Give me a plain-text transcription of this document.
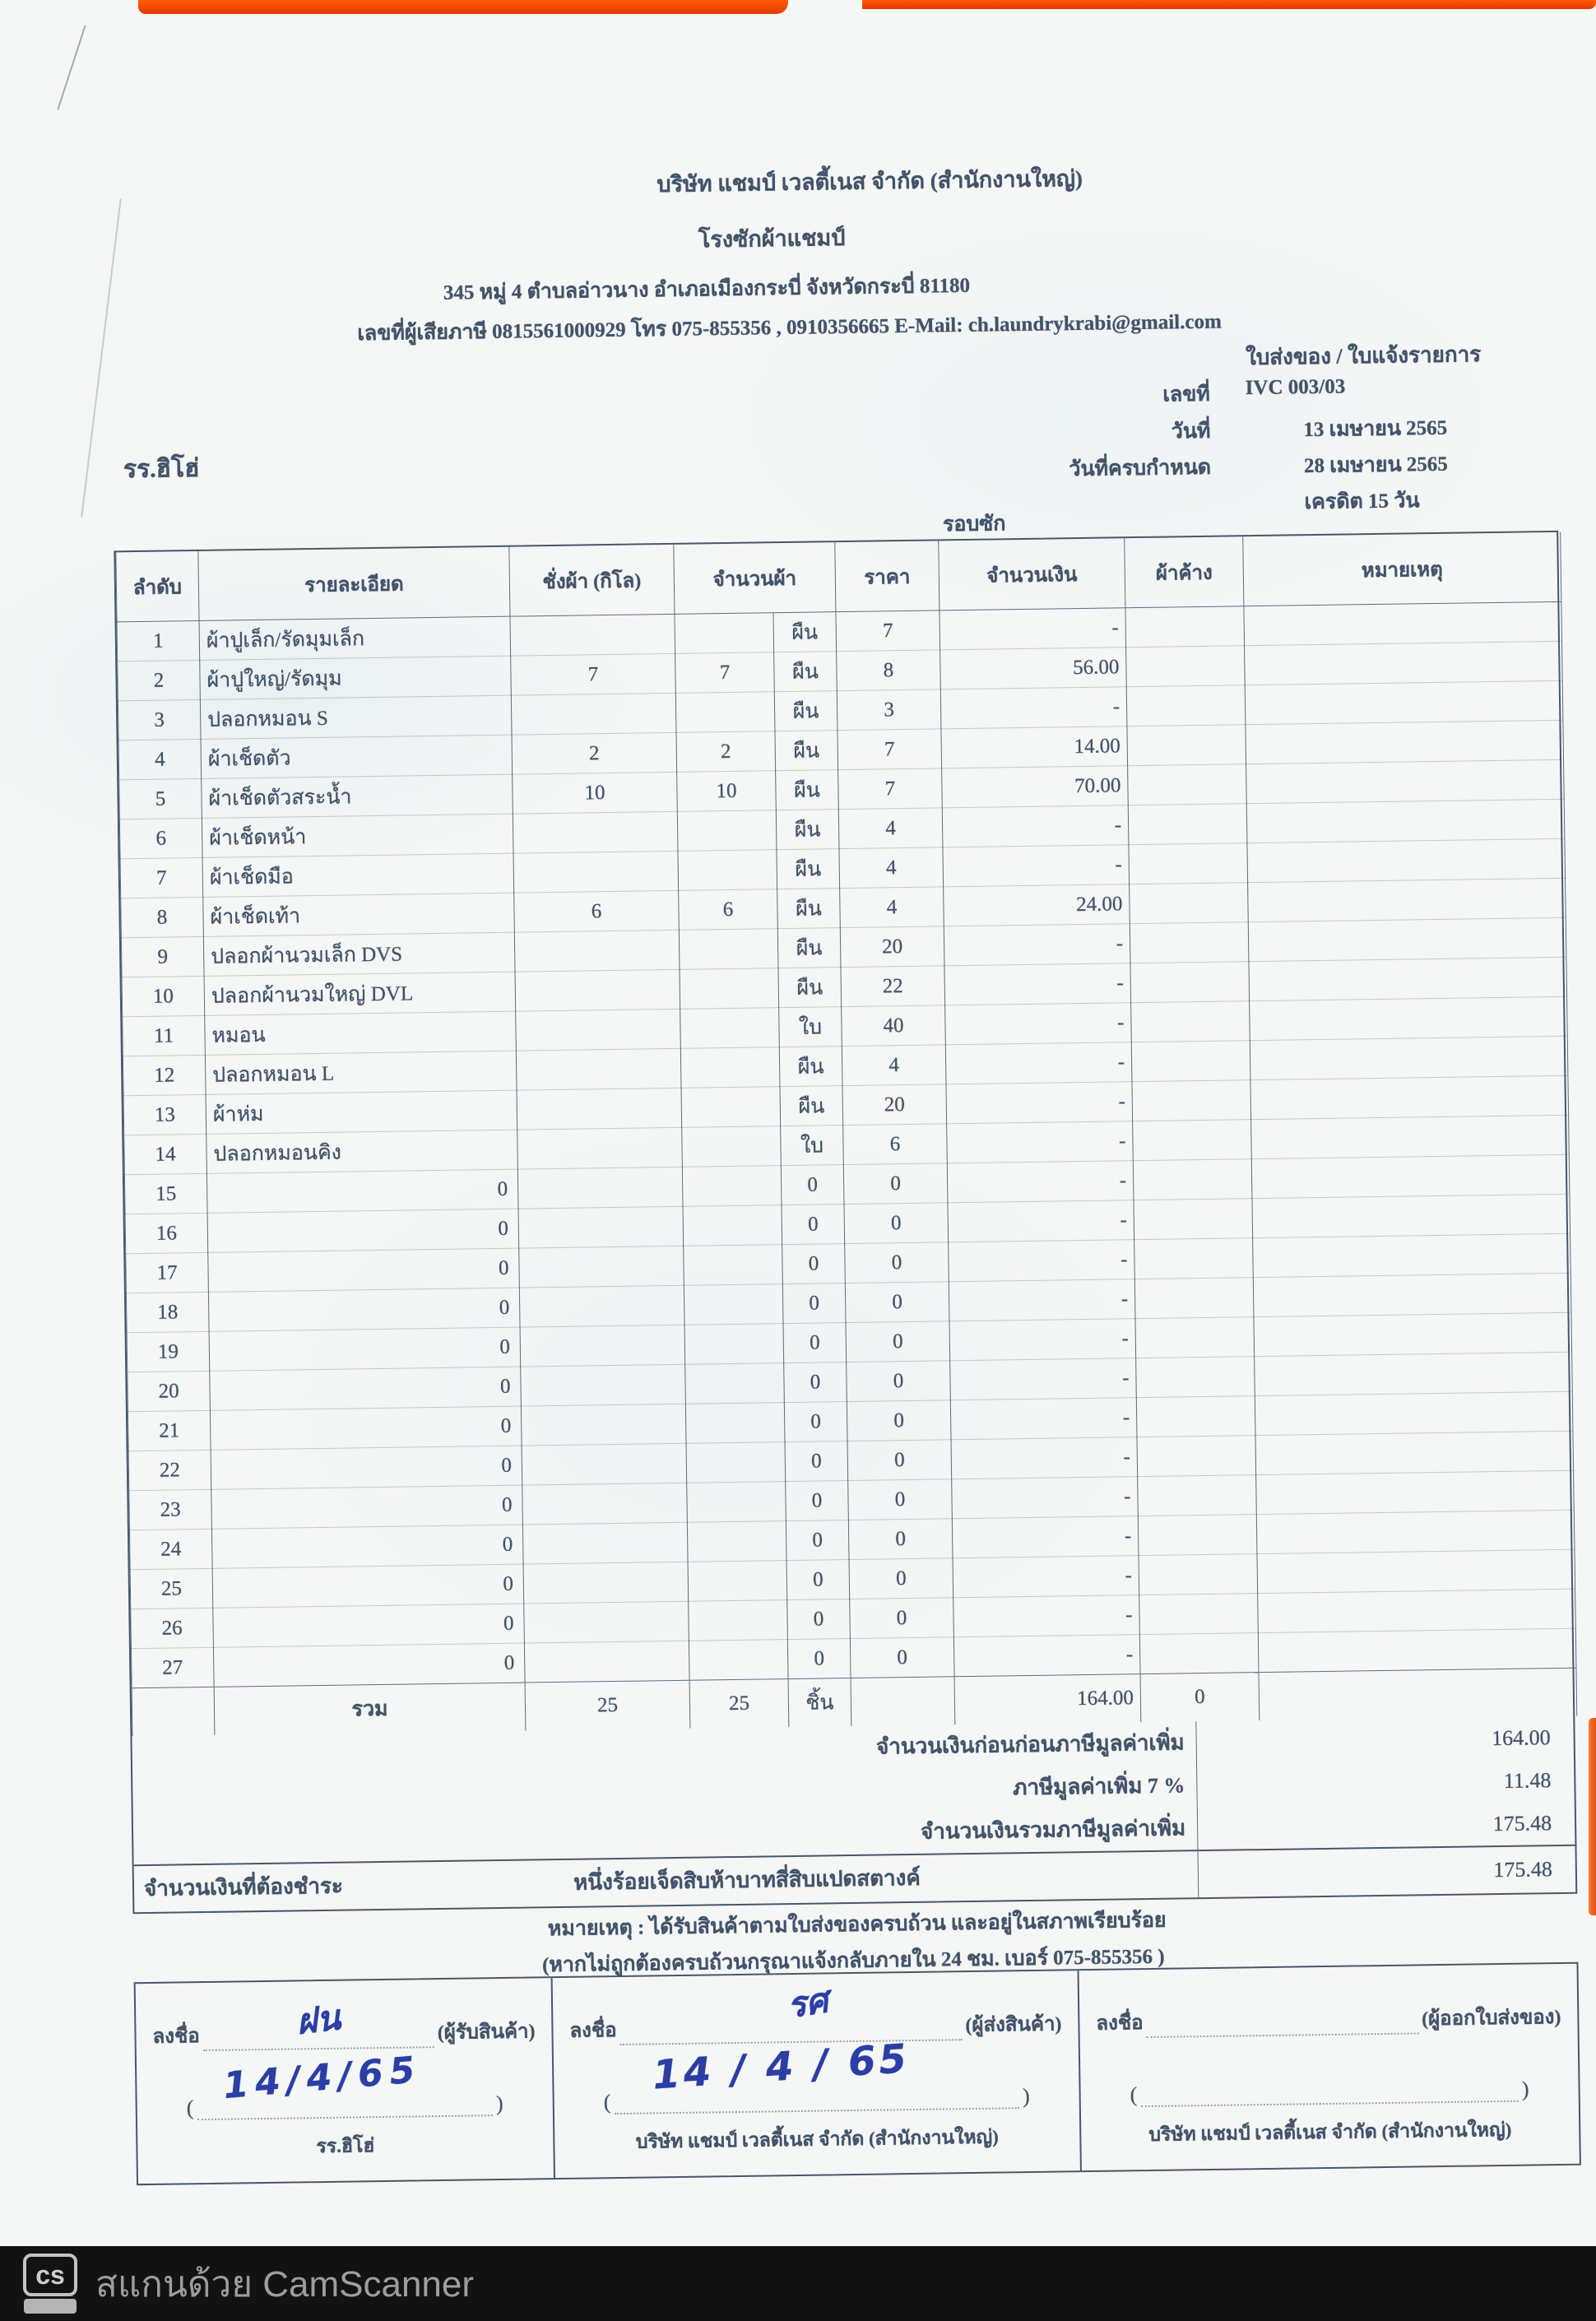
บริษัท แชมป์ เวลตี้เนส จำกัด (สำนักงานใหญ่)
โรงซักผ้าแชมป์
345 หมู่ 4 ตำบลอ่าวนาง อำเภอเมืองกระบี่ จังหวัดกระบี่ 81180
เลขที่ผู้เสียภาษี 0815561000929 โทร 075-855356 , 0910356665 E-Mail: ch.laundrykrabi@gmail.com
ใบส่งของ / ใบแจ้งรายการ
เลขที่ IVC 003/03
วันที่	13 เมษายน 2565
วันที่ครบกำหนด	28 เมษายน 2565
เครดิต 15 วัน
รร.ฮิโฮ่
รอบซัก
ลำดับ	รายละเอียด	ชั่งผ้า (กิโล)	จำนวนผ้า		ราคา	จำนวนเงิน	ผ้าค้าง	หมายเหตุ
1	ผ้าปูเล็ก/รัดมุมเล็ก			ผืน	7	-		
2	ผ้าปูใหญ่/รัดมุม	7	7	ผืน	8	56.00		
3	ปลอกหมอน S			ผืน	3	-		
4	ผ้าเช็ดตัว	2	2	ผืน	7	14.00		
5	ผ้าเช็ดตัวสระน้ำ	10	10	ผืน	7	70.00		
6	ผ้าเช็ดหน้า			ผืน	4	-		
7	ผ้าเช็ดมือ			ผืน	4	-		
8	ผ้าเช็ดเท้า	6	6	ผืน	4	24.00		
9	ปลอกผ้านวมเล็ก DVS			ผืน	20	-		
10	ปลอกผ้านวมใหญ่ DVL			ผืน	22	-		
11	หมอน			ใบ	40	-		
12	ปลอกหมอน L			ผืน	4	-		
13	ผ้าห่ม			ผืน	20	-		
14	ปลอกหมอนคิง			ใบ	6	-		
15	0			0	0	-		
16	0			0	0	-		
17	0			0	0	-		
18	0			0	0	-		
19	0			0	0	-		
20	0			0	0	-		
21	0			0	0	-		
22	0			0	0	-		
23	0			0	0	-		
24	0			0	0	-		
25	0			0	0	-		
26	0			0	0	-		
27	0			0	0	-		
	รวม	25	25	ชิ้น		164.00	0	
จำนวนเงินก่อนก่อนภาษีมูลค่าเพิ่ม	164.00
ภาษีมูลค่าเพิ่ม 7 %	11.48
จำนวนเงินรวมภาษีมูลค่าเพิ่ม	175.48
จำนวนเงินที่ต้องชำระ	หนึ่งร้อยเจ็ดสิบห้าบาทสี่สิบแปดสตางค์	175.48
หมายเหตุ : ได้รับสินค้าตามใบส่งของครบถ้วน และอยู่ในสภาพเรียบร้อย
(หากไม่ถูกต้องครบถ้วนกรุณาแจ้งกลับภายใน 24 ชม. เบอร์ 075-855356 )
ลงชื่อ	(ผู้รับสินค้า)
ฝน
(	)
14/4/65
รร.ฮิโฮ่
ลงชื่อ	(ผู้ส่งสินค้า)
รศ
(	)
14 / 4 / 65
บริษัท แชมป์ เวลตี้เนส จำกัด (สำนักงานใหญ่)
ลงชื่อ	(ผู้ออกใบส่งของ)
(	)
บริษัท แชมป์ เวลตี้เนส จำกัด (สำนักงานใหญ่)
cs สแกนด้วย CamScanner
